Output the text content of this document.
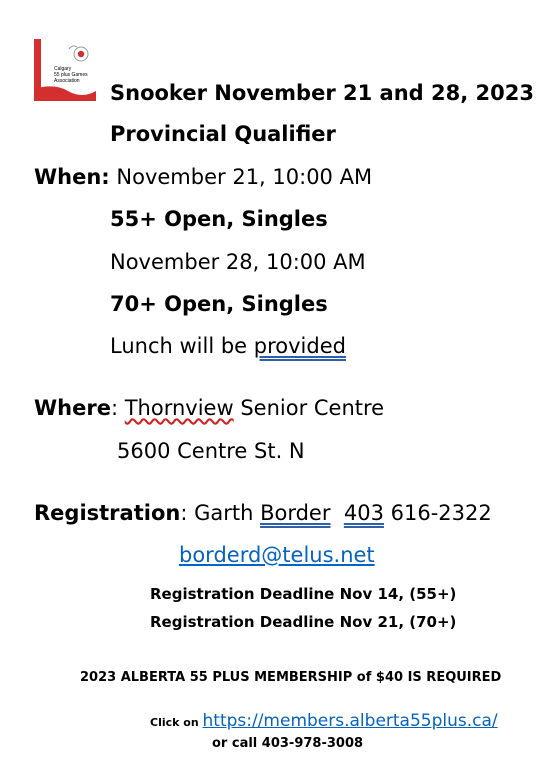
Calgary
55 plus Games
Association Snooker November 21 and 28, 2023
Provincial Qualifier
When: November 21, 10:00 AM
55+ Open, Singles
November 28, 10:00 AM
70+ Open, Singles
Lunch will be provided
Where: Thornview Senior Centre
5600 Centre St. N
Registration: Garth Border 403 616-2322
borderd@telus.net
Registration Deadline Nov 14, (55+)
Registration Deadline Nov 21, (70+)
2023 ALBERTA 55 PLUS MEMBERSHIP of $40 IS REQUIRED
Click on https://members.alberta55plus.ca/
or call 403-978-3008
